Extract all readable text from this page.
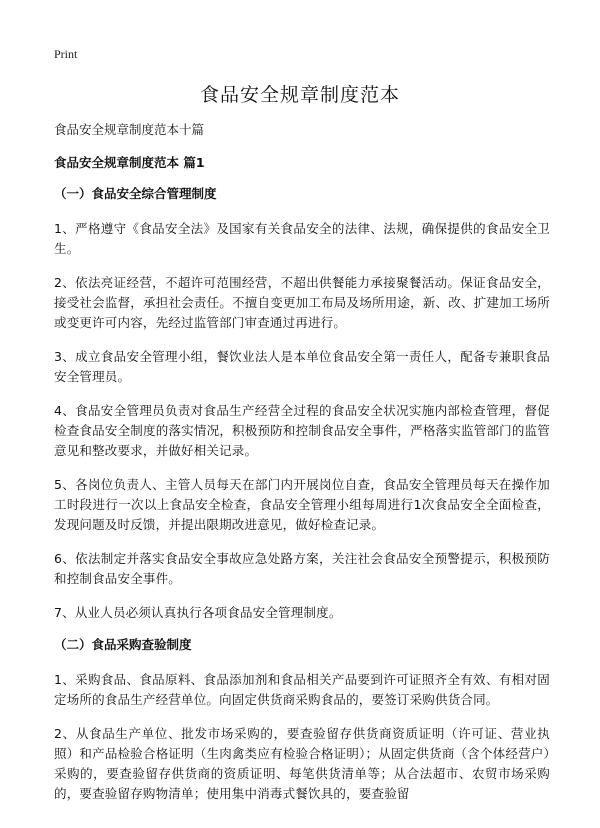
Print
食品安全规章制度范本
食品安全规章制度范本十篇
食品安全规章制度范本 篇1
（一）食品安全综合管理制度

1、严格遵守《食品安全法》及国家有关食品安全的法律、法规，确保提供的食品安全卫生。

2、依法亮证经营，不超许可范围经营，不超出供餐能力承接聚餐活动。保证食品安全，接受社会监督，承担社会责任。不擅自变更加工布局及场所用途，新、改、扩建加工场所或变更许可内容，先经过监管部门审查通过再进行。

3、成立食品安全管理小组，餐饮业法人是本单位食品安全第一责任人，配备专兼职食品安全管理员。

4、食品安全管理员负责对食品生产经营全过程的食品安全状况实施内部检查管理，督促检查食品安全制度的落实情况，积极预防和控制食品安全事件，严格落实监管部门的监管意见和整改要求，并做好相关记录。

5、各岗位负责人、主管人员每天在部门内开展岗位自查，食品安全管理员每天在操作加工时段进行一次以上食品安全检查，食品安全管理小组每周进行1次食品安全全面检查，发现问题及时反馈，并提出限期改进意见，做好检查记录。

6、依法制定并落实食品安全事故应急处路方案，关注社会食品安全预警提示，积极预防和控制食品安全事件。

7、从业人员必须认真执行各项食品安全管理制度。

（二）食品采购查验制度

1、采购食品、食品原料、食品添加剂和食品相关产品要到许可证照齐全有效、有相对固定场所的食品生产经营单位。向固定供货商采购食品的，要签订采购供货合同。

2、从食品生产单位、批发市场采购的，要查验留存供货商资质证明（许可证、营业执照）和产品检验合格证明（生肉禽类应有检验合格证明）；从固定供货商（含个体经营户）采购的，要查验留存供货商的资质证明、每笔供货清单等；从合法超市、农贸市场采购的，要查验留存购物清单；使用集中消毒式餐饮具的，要查验留
